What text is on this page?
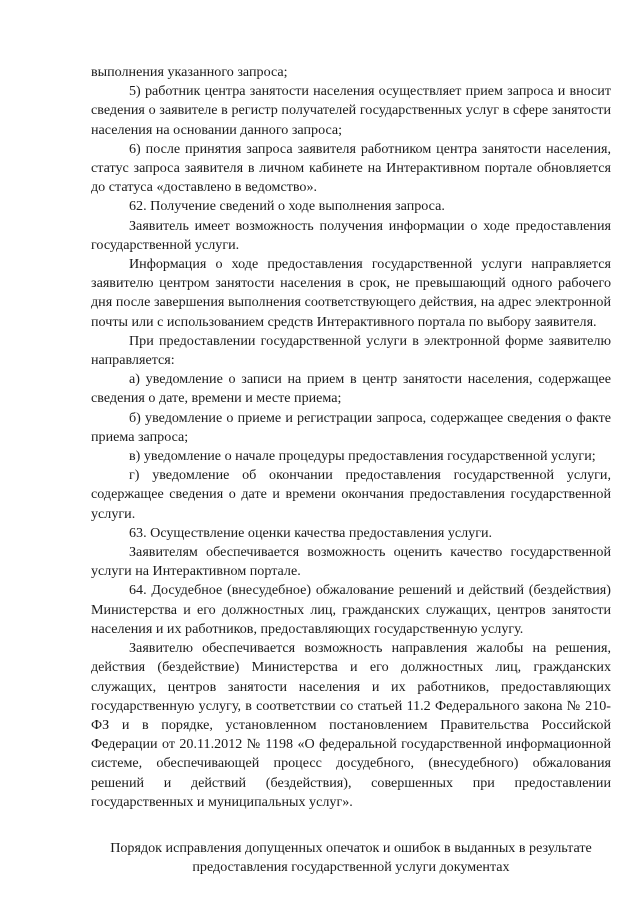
выполнения указанного запроса;

5) работник центра занятости населения осуществляет прием запроса и вносит сведения о заявителе в регистр получателей государственных услуг в сфере занятости населения на основании данного запроса;

6) после принятия запроса заявителя работником центра занятости населения, статус запроса заявителя в личном кабинете на Интерактивном портале обновляется до статуса «доставлено в ведомство».

62. Получение сведений о ходе выполнения запроса.

Заявитель имеет возможность получения информации о ходе предоставления государственной услуги.

Информация о ходе предоставления государственной услуги направляется заявителю центром занятости населения в срок, не превышающий одного рабочего дня после завершения выполнения соответствующего действия, на адрес электронной почты или с использованием средств Интерактивного портала по выбору заявителя.

При предоставлении государственной услуги в электронной форме заявителю направляется:

а) уведомление о записи на прием в центр занятости населения, содержащее сведения о дате, времени и месте приема;

б) уведомление о приеме и регистрации запроса, содержащее сведения о факте приема запроса;

в) уведомление о начале процедуры предоставления государственной услуги;

г) уведомление об окончании предоставления государственной услуги, содержащее сведения о дате и времени окончания предоставления государственной услуги.

63. Осуществление оценки качества предоставления услуги.

Заявителям обеспечивается возможность оценить качество государственной услуги на Интерактивном портале.

64. Досудебное (внесудебное) обжалование решений и действий (бездействия) Министерства и его должностных лиц, гражданских служащих, центров занятости населения и их работников, предоставляющих государственную услугу.

Заявителю обеспечивается возможность направления жалобы на решения, действия (бездействие) Министерства и его должностных лиц, гражданских служащих, центров занятости населения и их работников, предоставляющих государственную услугу, в соответствии со статьей 11.2 Федерального закона № 210-ФЗ и в порядке, установленном постановлением Правительства Российской Федерации от 20.11.2012 № 1198 «О федеральной государственной информационной системе, обеспечивающей процесс досудебного, (внесудебного) обжалования решений и действий (бездействия), совершенных при предоставлении государственных и муниципальных услуг».

Порядок исправления допущенных опечаток и ошибок в выданных в результате предоставления государственной услуги документах
